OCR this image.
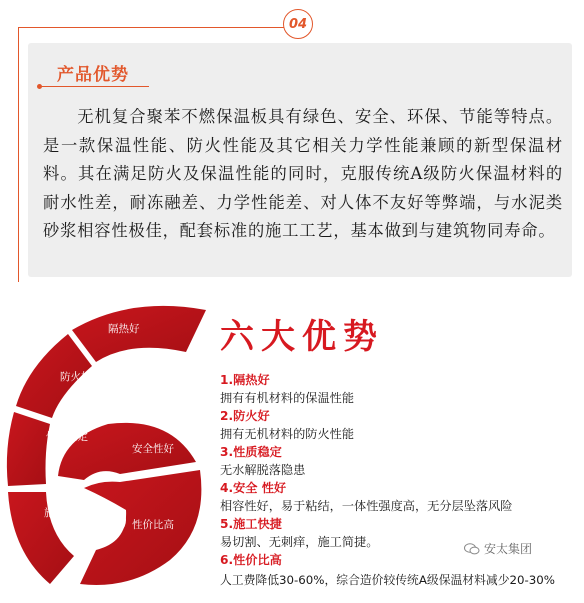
04
产品优势

无机复合聚苯不燃保温板具有绿色、安全、环保、节能等特点。是一款保温性能、防火性能及其它相关力学性能兼顾的新型保温材料。其在满足防火及保温性能的同时，克服传统A级防火保温材料的耐水性差，耐冻融差、力学性能差、对人体不友好等弊端，与水泥类砂浆相容性极佳，配套标准的施工工艺，基本做到与建筑物同寿命。

隔热好
防火好
性质稳定
安全性好
施工快捷
性价比高
六大优势
1.隔热好
拥有有机材料的保温性能
2.防火好
拥有无机材料的防火性能
3.性质稳定
无水解脱落隐患
4.安全 性好
相容性好，易于粘结，一体性强度高，无分层坠落风险
5.施工快捷
易切割、无刺痒，施工简捷。
6.性价比高
人工费降低30-60%，综合造价较传统A级保温材料减少20-30%
安太集团
